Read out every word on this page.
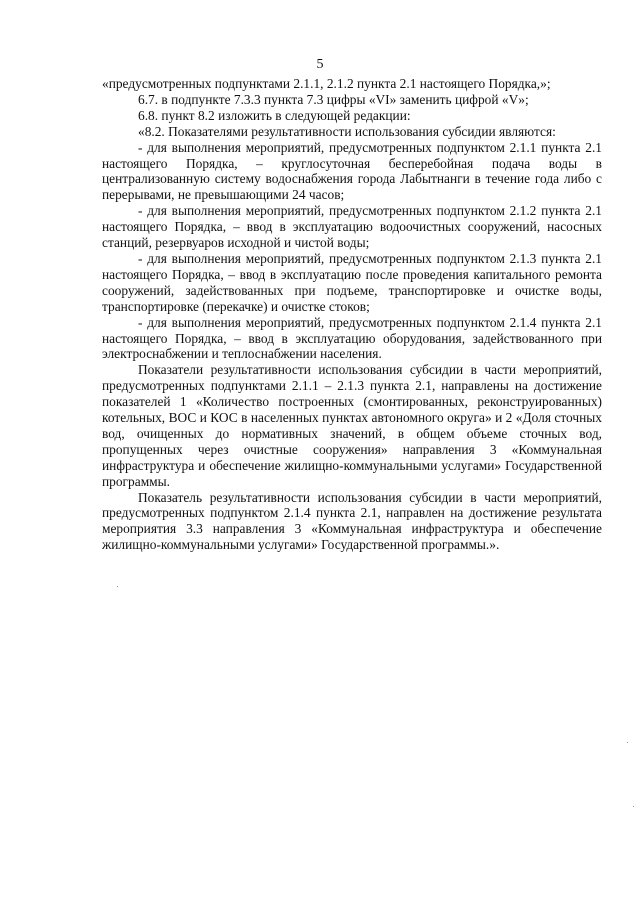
5

«предусмотренных подпунктами 2.1.1, 2.1.2 пункта 2.1 настоящего Порядка,»;

6.7. в подпункте 7.3.3 пункта 7.3 цифры «VI» заменить цифрой «V»;

6.8. пункт 8.2 изложить в следующей редакции:

«8.2. Показателями результативности использования субсидии являются:

- для выполнения мероприятий, предусмотренных подпунктом 2.1.1 пункта 2.1 настоящего Порядка, – круглосуточная бесперебойная подача воды в централизованную систему водоснабжения города Лабытнанги в течение года либо с перерывами, не превышающими 24 часов;

- для выполнения мероприятий, предусмотренных подпунктом 2.1.2 пункта 2.1 настоящего Порядка, – ввод в эксплуатацию водоочистных сооружений, насосных станций, резервуаров исходной и чистой воды;

- для выполнения мероприятий, предусмотренных подпунктом 2.1.3 пункта 2.1 настоящего Порядка, – ввод в эксплуатацию после проведения капитального ремонта сооружений, задействованных при подъеме, транспортировке и очистке воды, транспортировке (перекачке) и очистке стоков;

- для выполнения мероприятий, предусмотренных подпунктом 2.1.4 пункта 2.1 настоящего Порядка, – ввод в эксплуатацию оборудования, задействованного при электроснабжении и теплоснабжении населения.

Показатели результативности использования субсидии в части мероприятий, предусмотренных подпунктами 2.1.1 – 2.1.3 пункта 2.1, направлены на достижение показателей 1 «Количество построенных (смонтированных, реконструированных) котельных, ВОС и КОС в населенных пунктах автономного округа» и 2 «Доля сточных вод, очищенных до нормативных значений, в общем объеме сточных вод, пропущенных через очистные сооружения» направления 3 «Коммунальная инфраструктура и обеспечение жилищно-коммунальными услугами» Государственной программы.

Показатель результативности использования субсидии в части мероприятий, предусмотренных подпунктом 2.1.4 пункта 2.1, направлен на достижение результата мероприятия 3.3 направления 3 «Коммунальная инфраструктура и обеспечение жилищно-коммунальными услугами» Государственной программы.».
